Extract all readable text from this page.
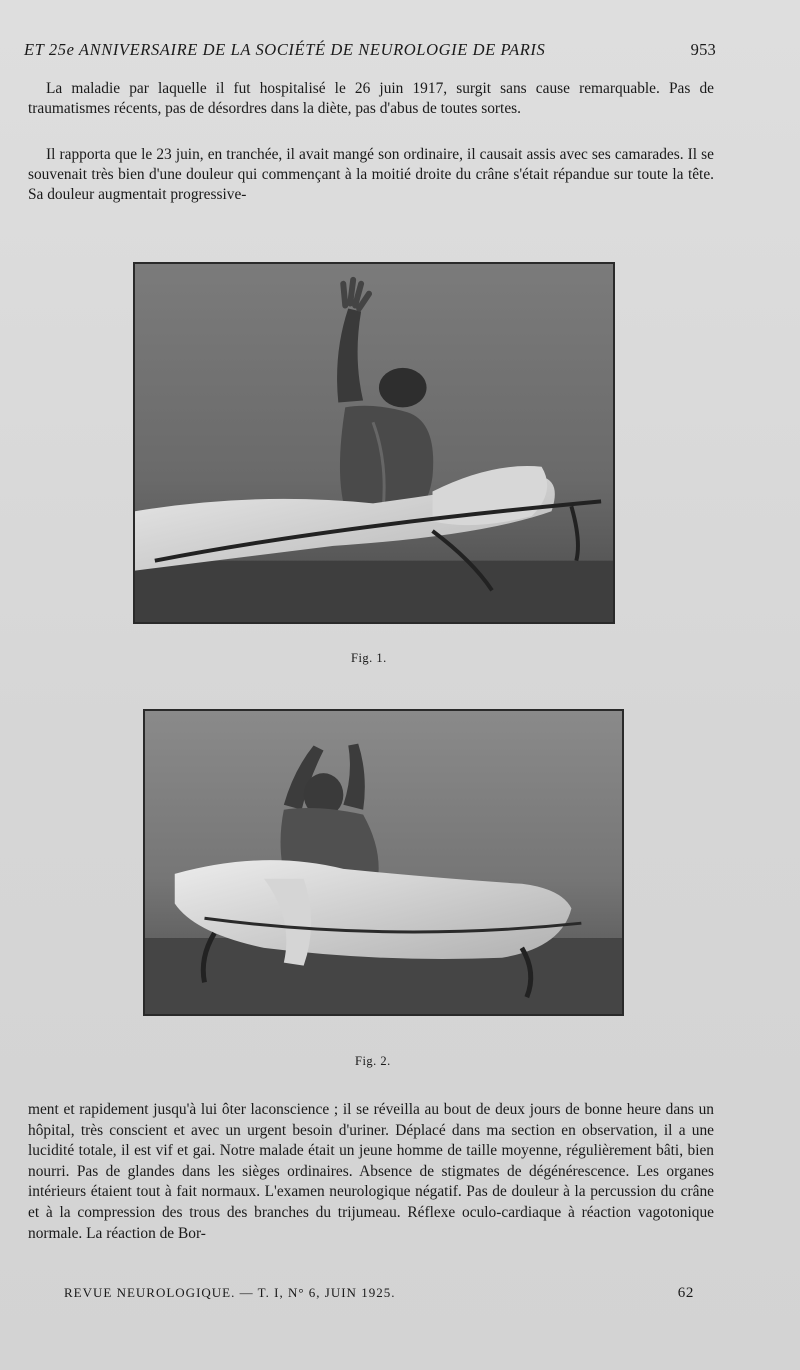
ET 25e ANNIVERSAIRE DE LA SOCIÉTÉ DE NEUROLOGIE DE PARIS	953

La maladie par laquelle il fut hospitalisé le 26 juin 1917, surgit sans cause remarquable. Pas de traumatismes récents, pas de désordres dans la diète, pas d'abus de toutes sortes.

Il rapporta que le 23 juin, en tranchée, il avait mangé son ordinaire, il causait assis avec ses camarades. Il se souvenait très bien d'une douleur qui commençant à la moitié droite du crâne s'était répandue sur toute la tête. Sa douleur augmentait progressive-

Fig. 1.
Fig. 2.

ment et rapidement jusqu'à lui ôter laconscience ; il se réveilla au bout de deux jours de bonne heure dans un hôpital, très conscient et avec un urgent besoin d'uriner. Déplacé dans ma section en observation, il a une lucidité totale, il est vif et gai. Notre malade était un jeune homme de taille moyenne, régulièrement bâti, bien nourri. Pas de glandes dans les sièges ordinaires. Absence de stigmates de dégénérescence. Les organes intérieurs étaient tout à fait normaux. L'examen neurologique négatif. Pas de douleur à la percussion du crâne et à la compression des trous des branches du trijumeau. Réflexe oculo-cardiaque à réaction vagotonique normale. La réaction de Bor-

REVUE NEUROLOGIQUE. — T. I, N° 6, JUIN 1925.	62
